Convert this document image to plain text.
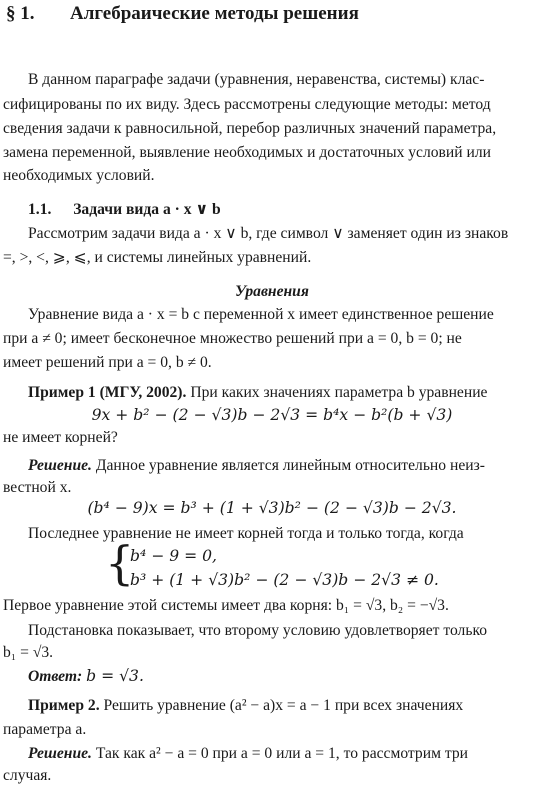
§ 1. Алгебраические методы решения
В данном параграфе задачи (уравнения, неравенства, системы) клас-
сифицированы по их виду. Здесь рассмотрены следующие методы: метод
сведения задачи к равносильной, перебор различных значений параметра,
замена переменной, выявление необходимых и достаточных условий или
необходимых условий.
1.1. Задачи вида a · x ∨ b
Рассмотрим задачи вида a · x ∨ b, где символ ∨ заменяет один из знаков
=, >, <, ⩾, ⩽, и системы линейных уравнений.
Уравнения
Уравнение вида a · x = b с переменной x имеет единственное решение
при a ≠ 0; имеет бесконечное множество решений при a = 0, b = 0; не
имеет решений при a = 0, b ≠ 0.
Пример 1 (МГУ, 2002). При каких значениях параметра b уравнение
9x + b² − (2 − √3)b − 2√3 = b⁴x − b²(b + √3)
не имеет корней?
Решение. Данное уравнение является линейным относительно неиз-
вестной x.
(b⁴ − 9)x = b³ + (1 + √3)b² − (2 − √3)b − 2√3.
Последнее уравнение не имеет корней тогда и только тогда, когда
{
b⁴ − 9 = 0,
b³ + (1 + √3)b² − (2 − √3)b − 2√3 ≠ 0.
Первое уравнение этой системы имеет два корня: b₁ = √3, b₂ = −√3.
Подстановка показывает, что второму условию удовлетворяет только
b₁ = √3.
Ответ: b = √3.
Пример 2. Решить уравнение (a² − a)x = a − 1 при всех значениях
параметра a.
Решение. Так как a² − a = 0 при a = 0 или a = 1, то рассмотрим три
случая.
